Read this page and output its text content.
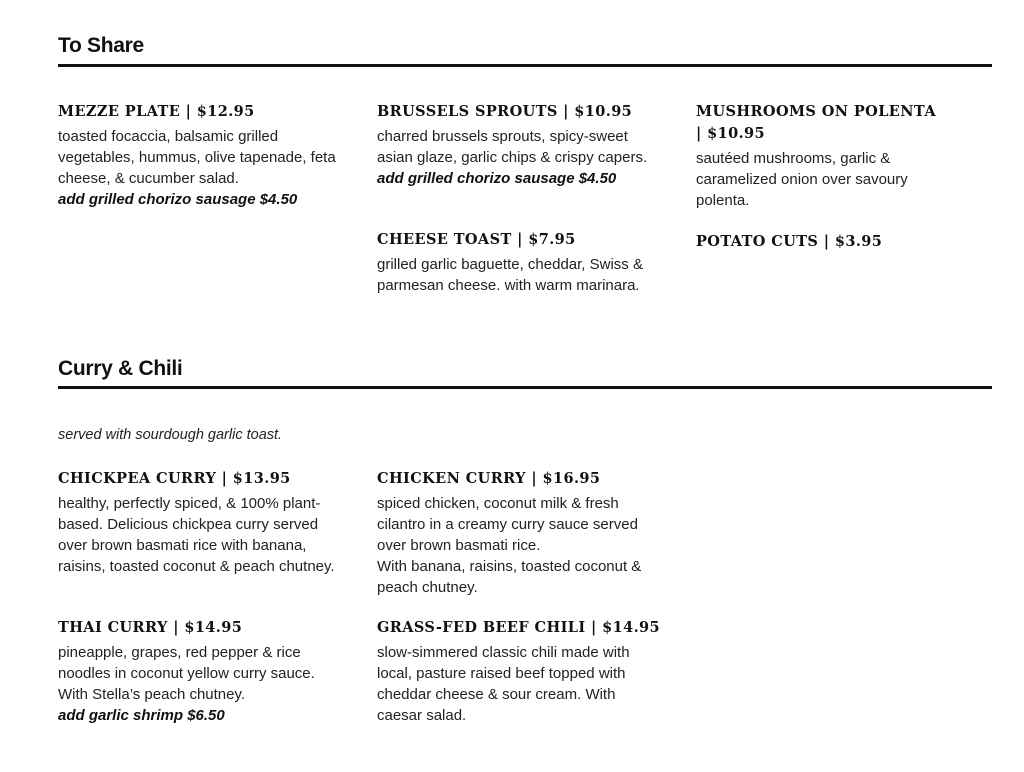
To Share

MEZZE PLATE | $12.95

toasted focaccia, balsamic grilled vegetables, hummus, olive tapenade, feta cheese, & cucumber salad.

add grilled chorizo sausage $4.50

BRUSSELS SPROUTS | $10.95

charred brussels sprouts, spicy-sweet asian glaze, garlic chips & crispy capers.

add grilled chorizo sausage $4.50

MUSHROOMS ON POLENTA | $10.95

sautéed mushrooms, garlic & caramelized onion over savoury polenta.

CHEESE TOAST | $7.95

grilled garlic baguette, cheddar, Swiss & parmesan cheese. with warm marinara.

POTATO CUTS | $3.95

Curry & Chili

served with sourdough garlic toast.

CHICKPEA CURRY | $13.95

healthy, perfectly spiced, & 100% plant-based. Delicious chickpea curry served over brown basmati rice with banana, raisins, toasted coconut & peach chutney.

CHICKEN CURRY | $16.95

spiced chicken, coconut milk & fresh cilantro in a creamy curry sauce served over brown basmati rice.

With banana, raisins, toasted coconut & peach chutney.

THAI CURRY | $14.95

pineapple, grapes, red pepper & rice noodles in coconut yellow curry sauce. With Stella’s peach chutney.

add garlic shrimp $6.50

GRASS-FED BEEF CHILI | $14.95

slow-simmered classic chili made with local, pasture raised beef topped with cheddar cheese & sour cream. With caesar salad.
